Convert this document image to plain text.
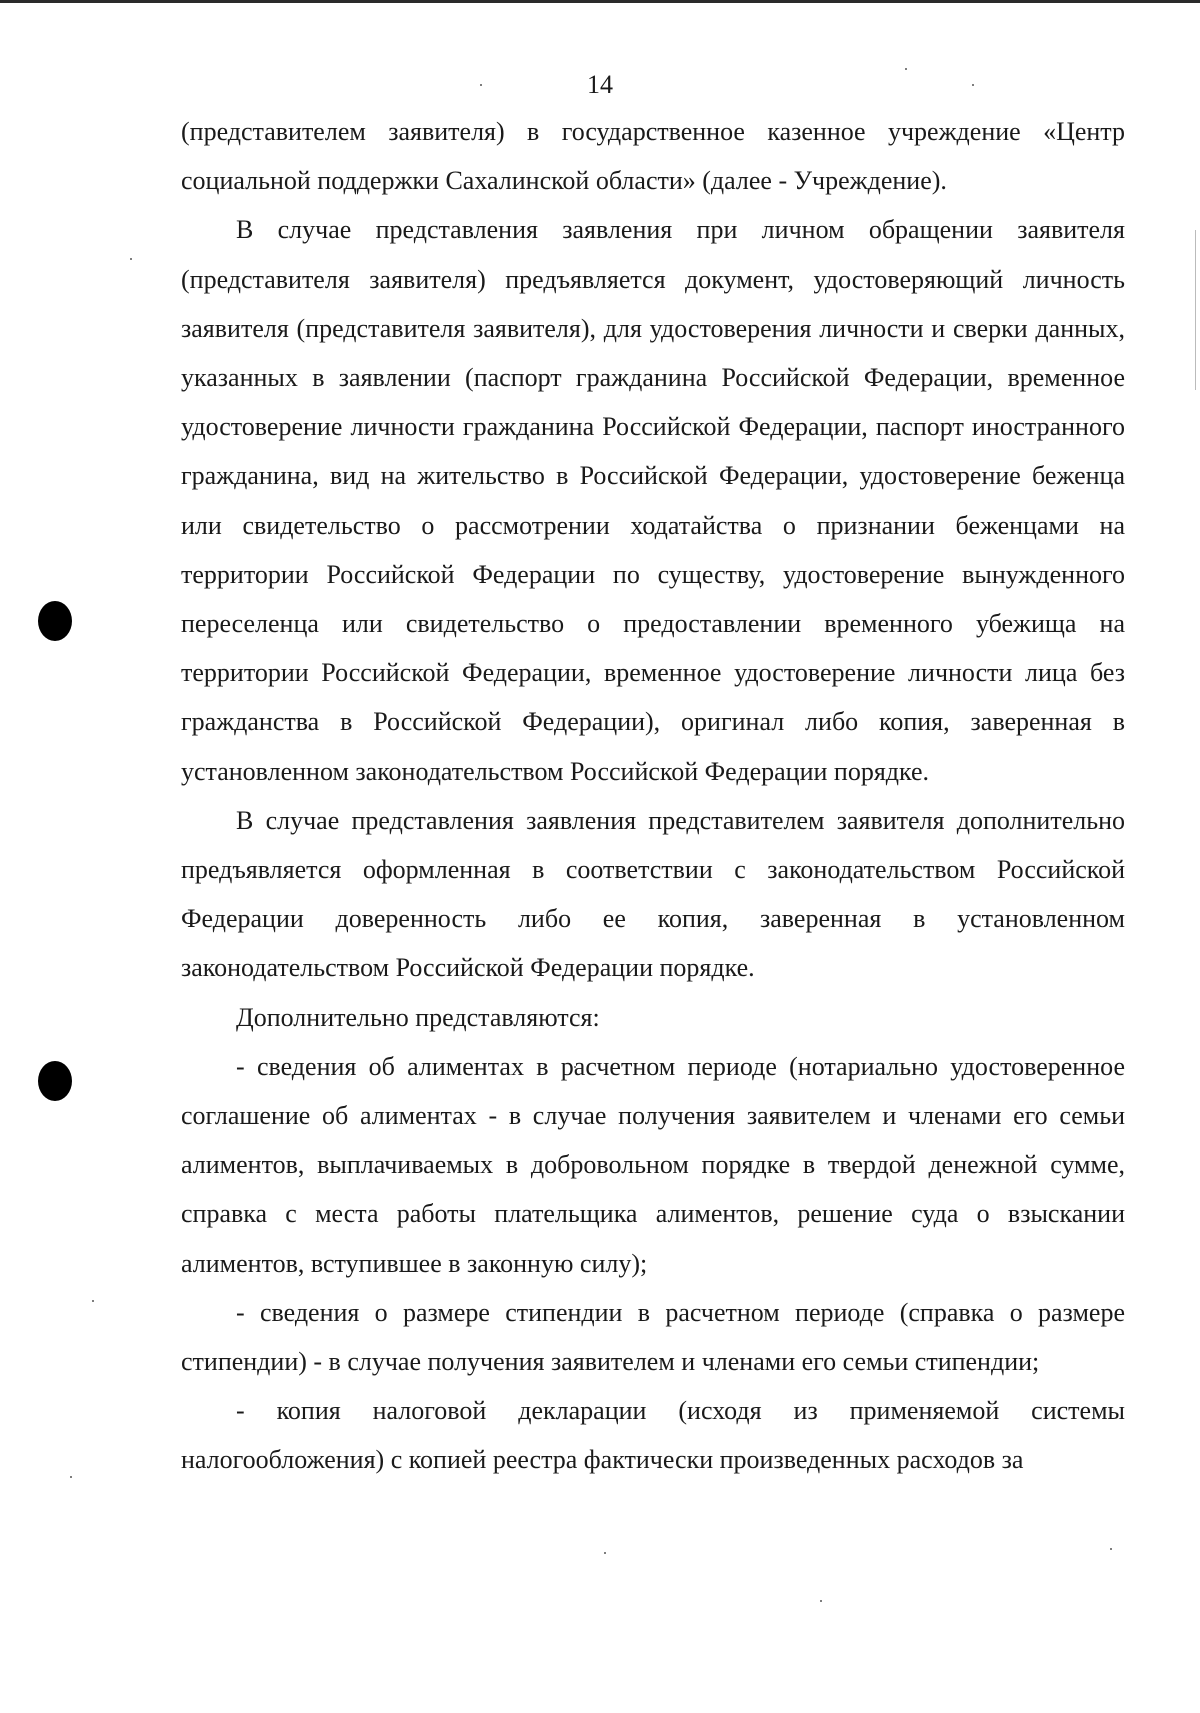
14

(представителем заявителя) в государственное казенное учреждение «Центр социальной поддержки Сахалинской области» (далее - Учреждение).

В случае представления заявления при личном обращении заявителя (представителя заявителя) предъявляется документ, удостоверяющий личность заявителя (представителя заявителя), для удостоверения личности и сверки данных, указанных в заявлении (паспорт гражданина Российской Федерации, временное удостоверение личности гражданина Российской Федерации, паспорт иностранного гражданина, вид на жительство в Российской Федерации, удостоверение беженца или свидетельство о рассмотрении ходатайства о признании беженцами на территории Российской Федерации по существу, удостоверение вынужденного переселенца или свидетельство о предоставлении временного убежища на территории Российской Федерации, временное удостоверение личности лица без гражданства в Российской Федерации), оригинал либо копия, заверенная в установленном законодательством Российской Федерации порядке.

В случае представления заявления представителем заявителя дополнительно предъявляется оформленная в соответствии с законодательством Российской Федерации доверенность либо ее копия, заверенная в установленном законодательством Российской Федерации порядке.

Дополнительно представляются:

- сведения об алиментах в расчетном периоде (нотариально удостоверенное соглашение об алиментах - в случае получения заявителем и членами его семьи алиментов, выплачиваемых в добровольном порядке в твердой денежной сумме, справка с места работы плательщика алиментов, решение суда о взыскании алиментов, вступившее в законную силу);

- сведения о размере стипендии в расчетном периоде (справка о размере стипендии) - в случае получения заявителем и членами его семьи стипендии;

- копия налоговой декларации (исходя из применяемой системы налогообложения) с копией реестра фактически произведенных расходов за
